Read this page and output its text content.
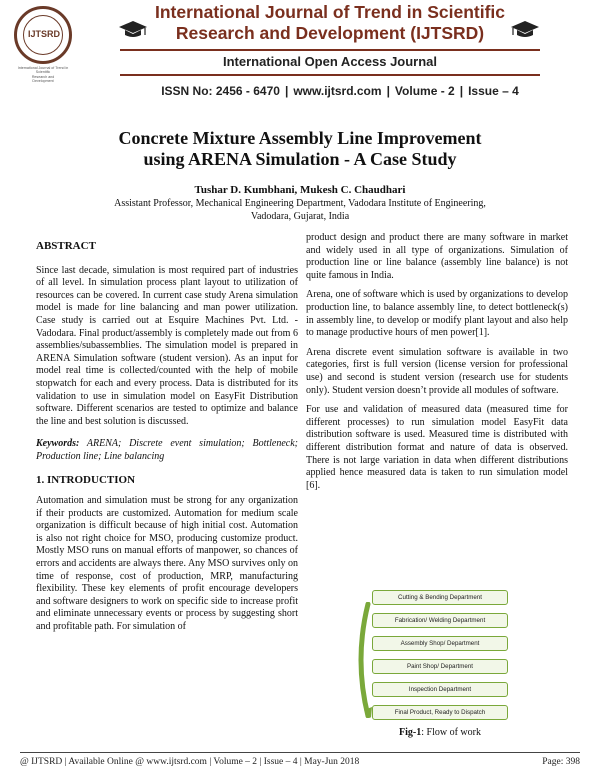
IJTSRD
International Journal of Trend in Scientific
Research and
Development
International Journal of Trend in Scientific
Research and Development (IJTSRD)
International Open Access Journal
ISSN No: 2456 - 6470 | www.ijtsrd.com | Volume - 2 | Issue – 4
Concrete Mixture Assembly Line Improvement
using ARENA Simulation - A Case Study
Tushar D. Kumbhani, Mukesh C. Chaudhari
Assistant Professor, Mechanical Engineering Department, Vadodara Institute of Engineering,
Vadodara, Gujarat, India
ABSTRACT
Since last decade, simulation is most required part of industries of all level. In simulation process plant layout to utilization of resources can be covered. In current case study Arena simulation model is made for line balancing and man power utilization. Case study is carried out at Esquire Machines Pvt. Ltd. - Vadodara. Final product/assembly is completely made out from 6 assemblies/subassemblies. The simulation model is prepared in ARENA Simulation software (student version). As an input for model real time is collected/counted with the help of mobile stopwatch for each and every process. Data is distributed for its validation to use in simulation model on EasyFit Distribution software. Different scenarios are tested to optimize and balance the line and best solution is discussed.
Keywords: ARENA; Discrete event simulation; Bottleneck; Production line; Line balancing
1. INTRODUCTION
Automation and simulation must be strong for any organization if their products are customized. Automation for medium scale organization is difficult because of high initial cost. Automation is also not right choice for MSO, producing customize product. Mostly MSO runs on manual efforts of manpower, so chances of errors and accidents are always there. Any MSO survives only on time of response, cost of production, MRP, manufacturing flexibility. These key elements of profit encourage developers and software designers to work on specific side to increase profit and eliminate unnecessary events or process by suggesting short and profitable path. For simulation of
product design and product there are many software in market and widely used in all type of organizations. Simulation of production line or line balance (assembly line balance) is not quite famous in India.
Arena, one of software which is used by organizations to develop production line, to balance assembly line, to detect bottleneck(s) in assembly line, to develop or modify plant layout and also help to manage productive hours of men power[1].
Arena discrete event simulation software is available in two categories, first is full version (license version for professional use) and second is student version (research use for students only). Student version doesn’t provide all modules of software.
For use and validation of measured data (measured time for different processes) to run simulation model EasyFit data distribution software is used. Measured time is distributed with different distribution format and nature of data is observed. There is not large variation in data when different distributions applied hence measured data is taken to run simulation model [6].
Cutting & Bending Department
Fabrication/ Welding Department
Assembly Shop/ Department
Paint Shop/ Department
Inspection Department
Final Product, Ready to Dispatch
Fig-1: Flow of work
@ IJTSRD | Available Online @ www.ijtsrd.com | Volume – 2 | Issue – 4 | May-Jun 2018	Page: 398
